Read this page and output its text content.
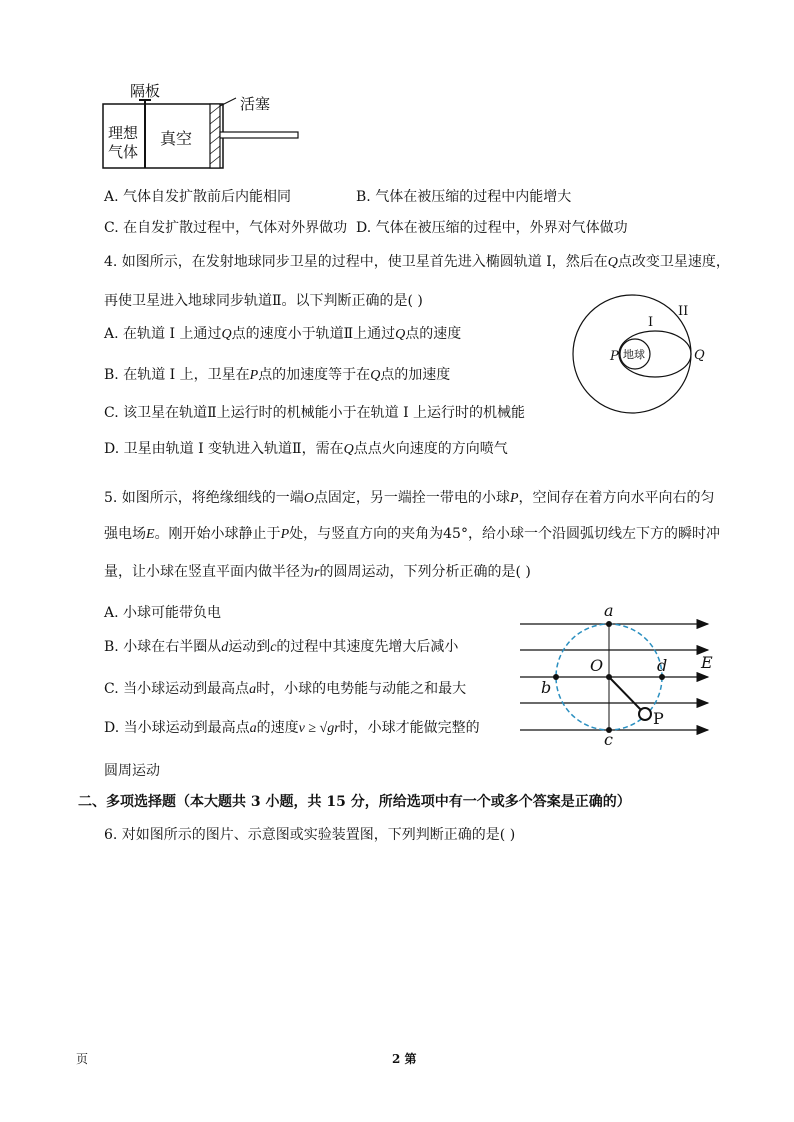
隔板
活塞
理想
气体
真空
A. 气体自发扩散前后内能相同	B. 气体在被压缩的过程中内能增大
C. 在自发扩散过程中，气体对外界做功 D. 气体在被压缩的过程中，外界对气体做功
4. 如图所示，在发射地球同步卫星的过程中，使卫星首先进入椭圆轨道 I，然后在Q点改变卫星速度，
再使卫星进入地球同步轨道Ⅱ。以下判断正确的是( )
A. 在轨道 I 上通过Q点的速度小于轨道Ⅱ上通过Q点的速度
B. 在轨道 I 上，卫星在P点的加速度等于在Q点的加速度
C. 该卫星在轨道Ⅱ上运行时的机械能小于在轨道 I 上运行时的机械能
D. 卫星由轨道 I 变轨进入轨道Ⅱ，需在Q点点火向速度的方向喷气
II
I
地球
P	Q
5. 如图所示，将绝缘细线的一端O点固定，另一端拴一带电的小球P，空间存在着方向水平向右的匀
强电场E。刚开始小球静止于P处，与竖直方向的夹角为45°，给小球一个沿圆弧切线左下方的瞬时冲
量，让小球在竖直平面内做半径为r的圆周运动，下列分析正确的是( )
A. 小球可能带负电
B. 小球在右半圈从d运动到c的过程中其速度先增大后减小
C. 当小球运动到最高点a时，小球的电势能与动能之和最大
D. 当小球运动到最高点a的速度v ≥ √gr时，小球才能做完整的
圆周运动
a
c
b
d
O
P
E
二、多项选择题（本大题共 3 小题，共 15 分，所给选项中有一个或多个答案是正确的）
6. 对如图所示的图片、示意图或实验装置图，下列判断正确的是( )
页	2 第
